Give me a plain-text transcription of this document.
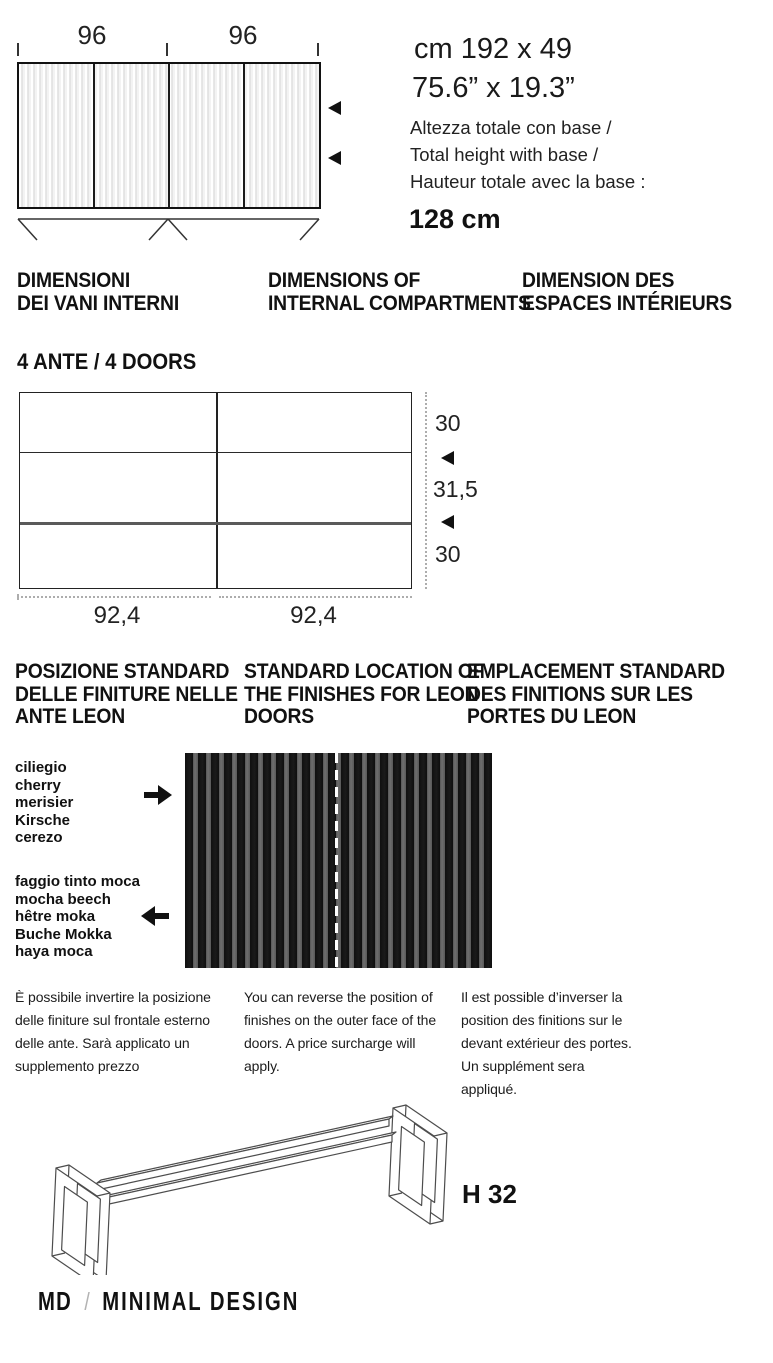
96	96	cm 192 x 49
75.6” x 19.3”
Altezza totale con base /
Total height with base /
Hauteur totale avec la base :
128 cm
DIMENSIONI
DEI VANI INTERNI
DIMENSIONS OF
INTERNAL COMPARTMENTS
DIMENSION DES
ESPACES INTÉRIEURS
4 ANTE / 4 DOORS
30
31,5
30
92,4	92,4
POSIZIONE STANDARD
DELLE FINITURE NELLE
ANTE LEON
STANDARD LOCATION OF
THE FINISHES FOR LEON
DOORS
EMPLACEMENT STANDARD
DES FINITIONS SUR LES
PORTES DU LEON
ciliegio
cherry
merisier
Kirsche
cerezo
faggio tinto moca
mocha beech
hêtre moka
Buche Mokka
haya moca
È possibile invertire la posizione
delle finiture sul frontale esterno
delle ante. Sarà applicato un
supplemento prezzo
You can reverse the position of
finishes on the outer face of the
doors. A price surcharge will
apply.
Il est possible d’inverser la
position des finitions sur le
devant extérieur des portes.
Un supplément sera
appliqué.
H 32
MD / MINIMAL DESIGN
